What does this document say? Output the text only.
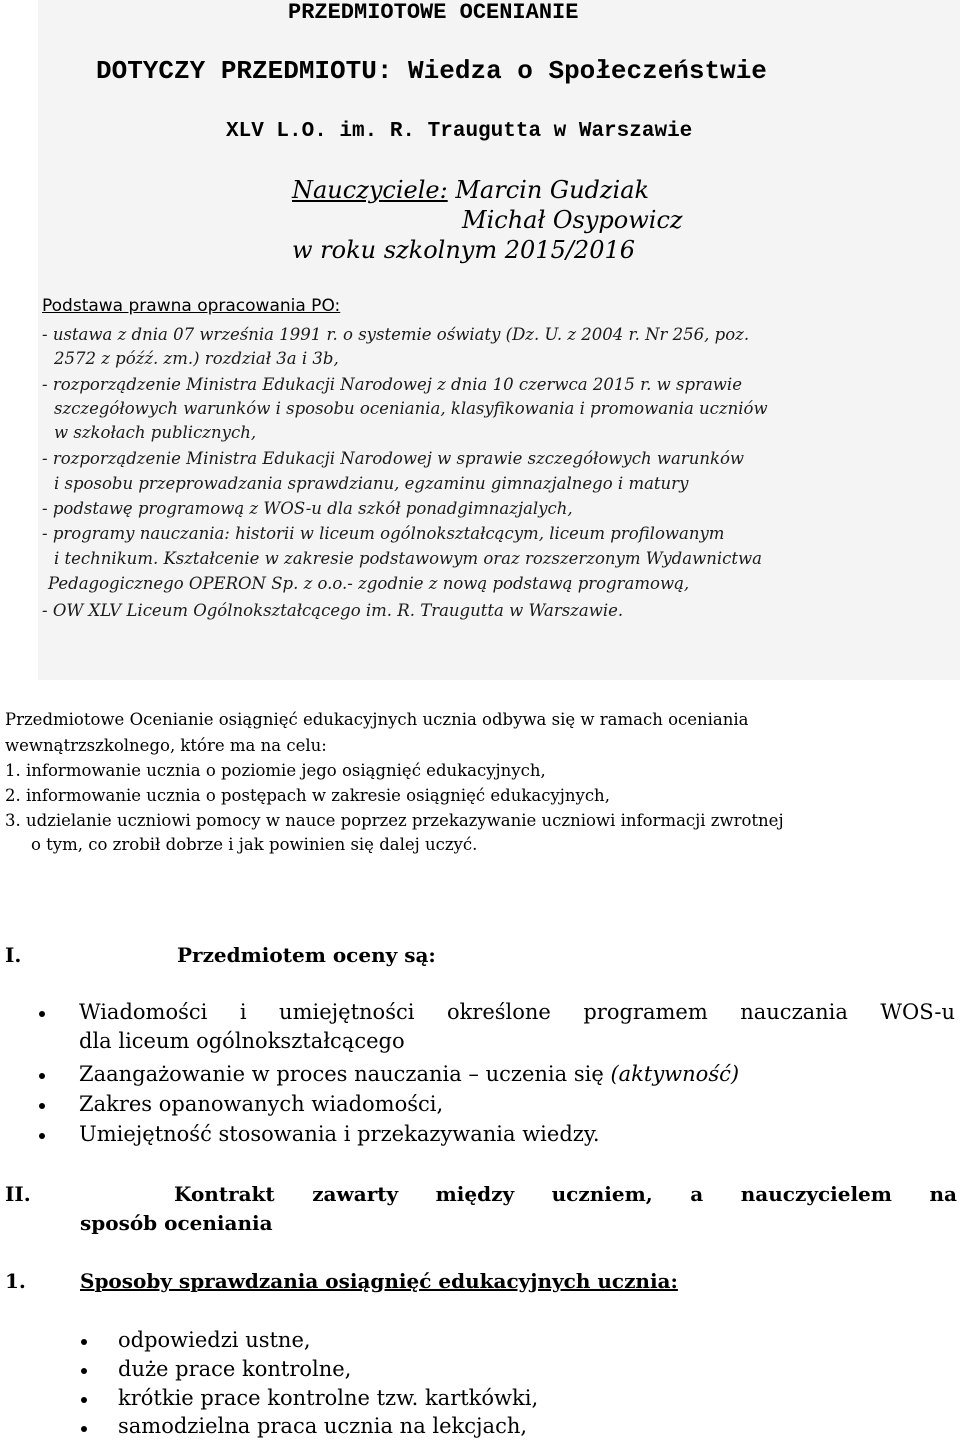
PRZEDMIOTOWE OCENIANIE
DOTYCZY PRZEDMIOTU: Wiedza o Społeczeństwie
XLV L.O. im. R. Traugutta w Warszawie
Nauczyciele: Marcin Gudziak
Michał Osypowicz
w roku szkolnym 2015/2016
Podstawa prawna opracowania PO:
- ustawa z dnia 07 września 1991 r. o systemie oświaty (Dz. U. z 2004 r. Nr 256, poz.
2572 z późź. zm.) rozdział 3a i 3b,
- rozporządzenie Ministra Edukacji Narodowej z dnia 10 czerwca 2015 r. w sprawie
szczegółowych warunków i sposobu oceniania, klasyfikowania i promowania uczniów
w szkołach publicznych,
- rozporządzenie Ministra Edukacji Narodowej w sprawie szczegółowych warunków
i sposobu przeprowadzania sprawdzianu, egzaminu gimnazjalnego i matury
- podstawę programową z WOS-u dla szkół ponadgimnazjalych,
- programy nauczania: historii w liceum ogólnokształcącym, liceum profilowanym
i technikum. Kształcenie w zakresie podstawowym oraz rozszerzonym Wydawnictwa
Pedagogicznego OPERON Sp. z o.o.- zgodnie z nową podstawą programową,
- OW XLV Liceum Ogólnokształcącego im. R. Traugutta w Warszawie.
Przedmiotowe Ocenianie osiągnięć edukacyjnych ucznia odbywa się w ramach oceniania
wewnątrzszkolnego, które ma na celu:
1. informowanie ucznia o poziomie jego osiągnięć edukacyjnych,
2. informowanie ucznia o postępach w zakresie osiągnięć edukacyjnych,
3. udzielanie uczniowi pomocy w nauce poprzez przekazywanie uczniowi informacji zwrotnej
o tym, co zrobił dobrze i jak powinien się dalej uczyć.
I.	Przedmiotem oceny są:
Wiadomości i umiejętności określone programem nauczania WOS-u
dla liceum ogólnokształcącego
Zaangażowanie w proces nauczania – uczenia się (aktywność)
Zakres opanowanych wiadomości,
Umiejętność stosowania i przekazywania wiedzy.
II.	Kontrakt zawarty między uczniem, a nauczycielem na
sposób oceniania
1.	Sposoby sprawdzania osiągnięć edukacyjnych ucznia:
odpowiedzi ustne,
duże prace kontrolne,
krótkie prace kontrolne tzw. kartkówki,
samodzielna praca ucznia na lekcjach,
